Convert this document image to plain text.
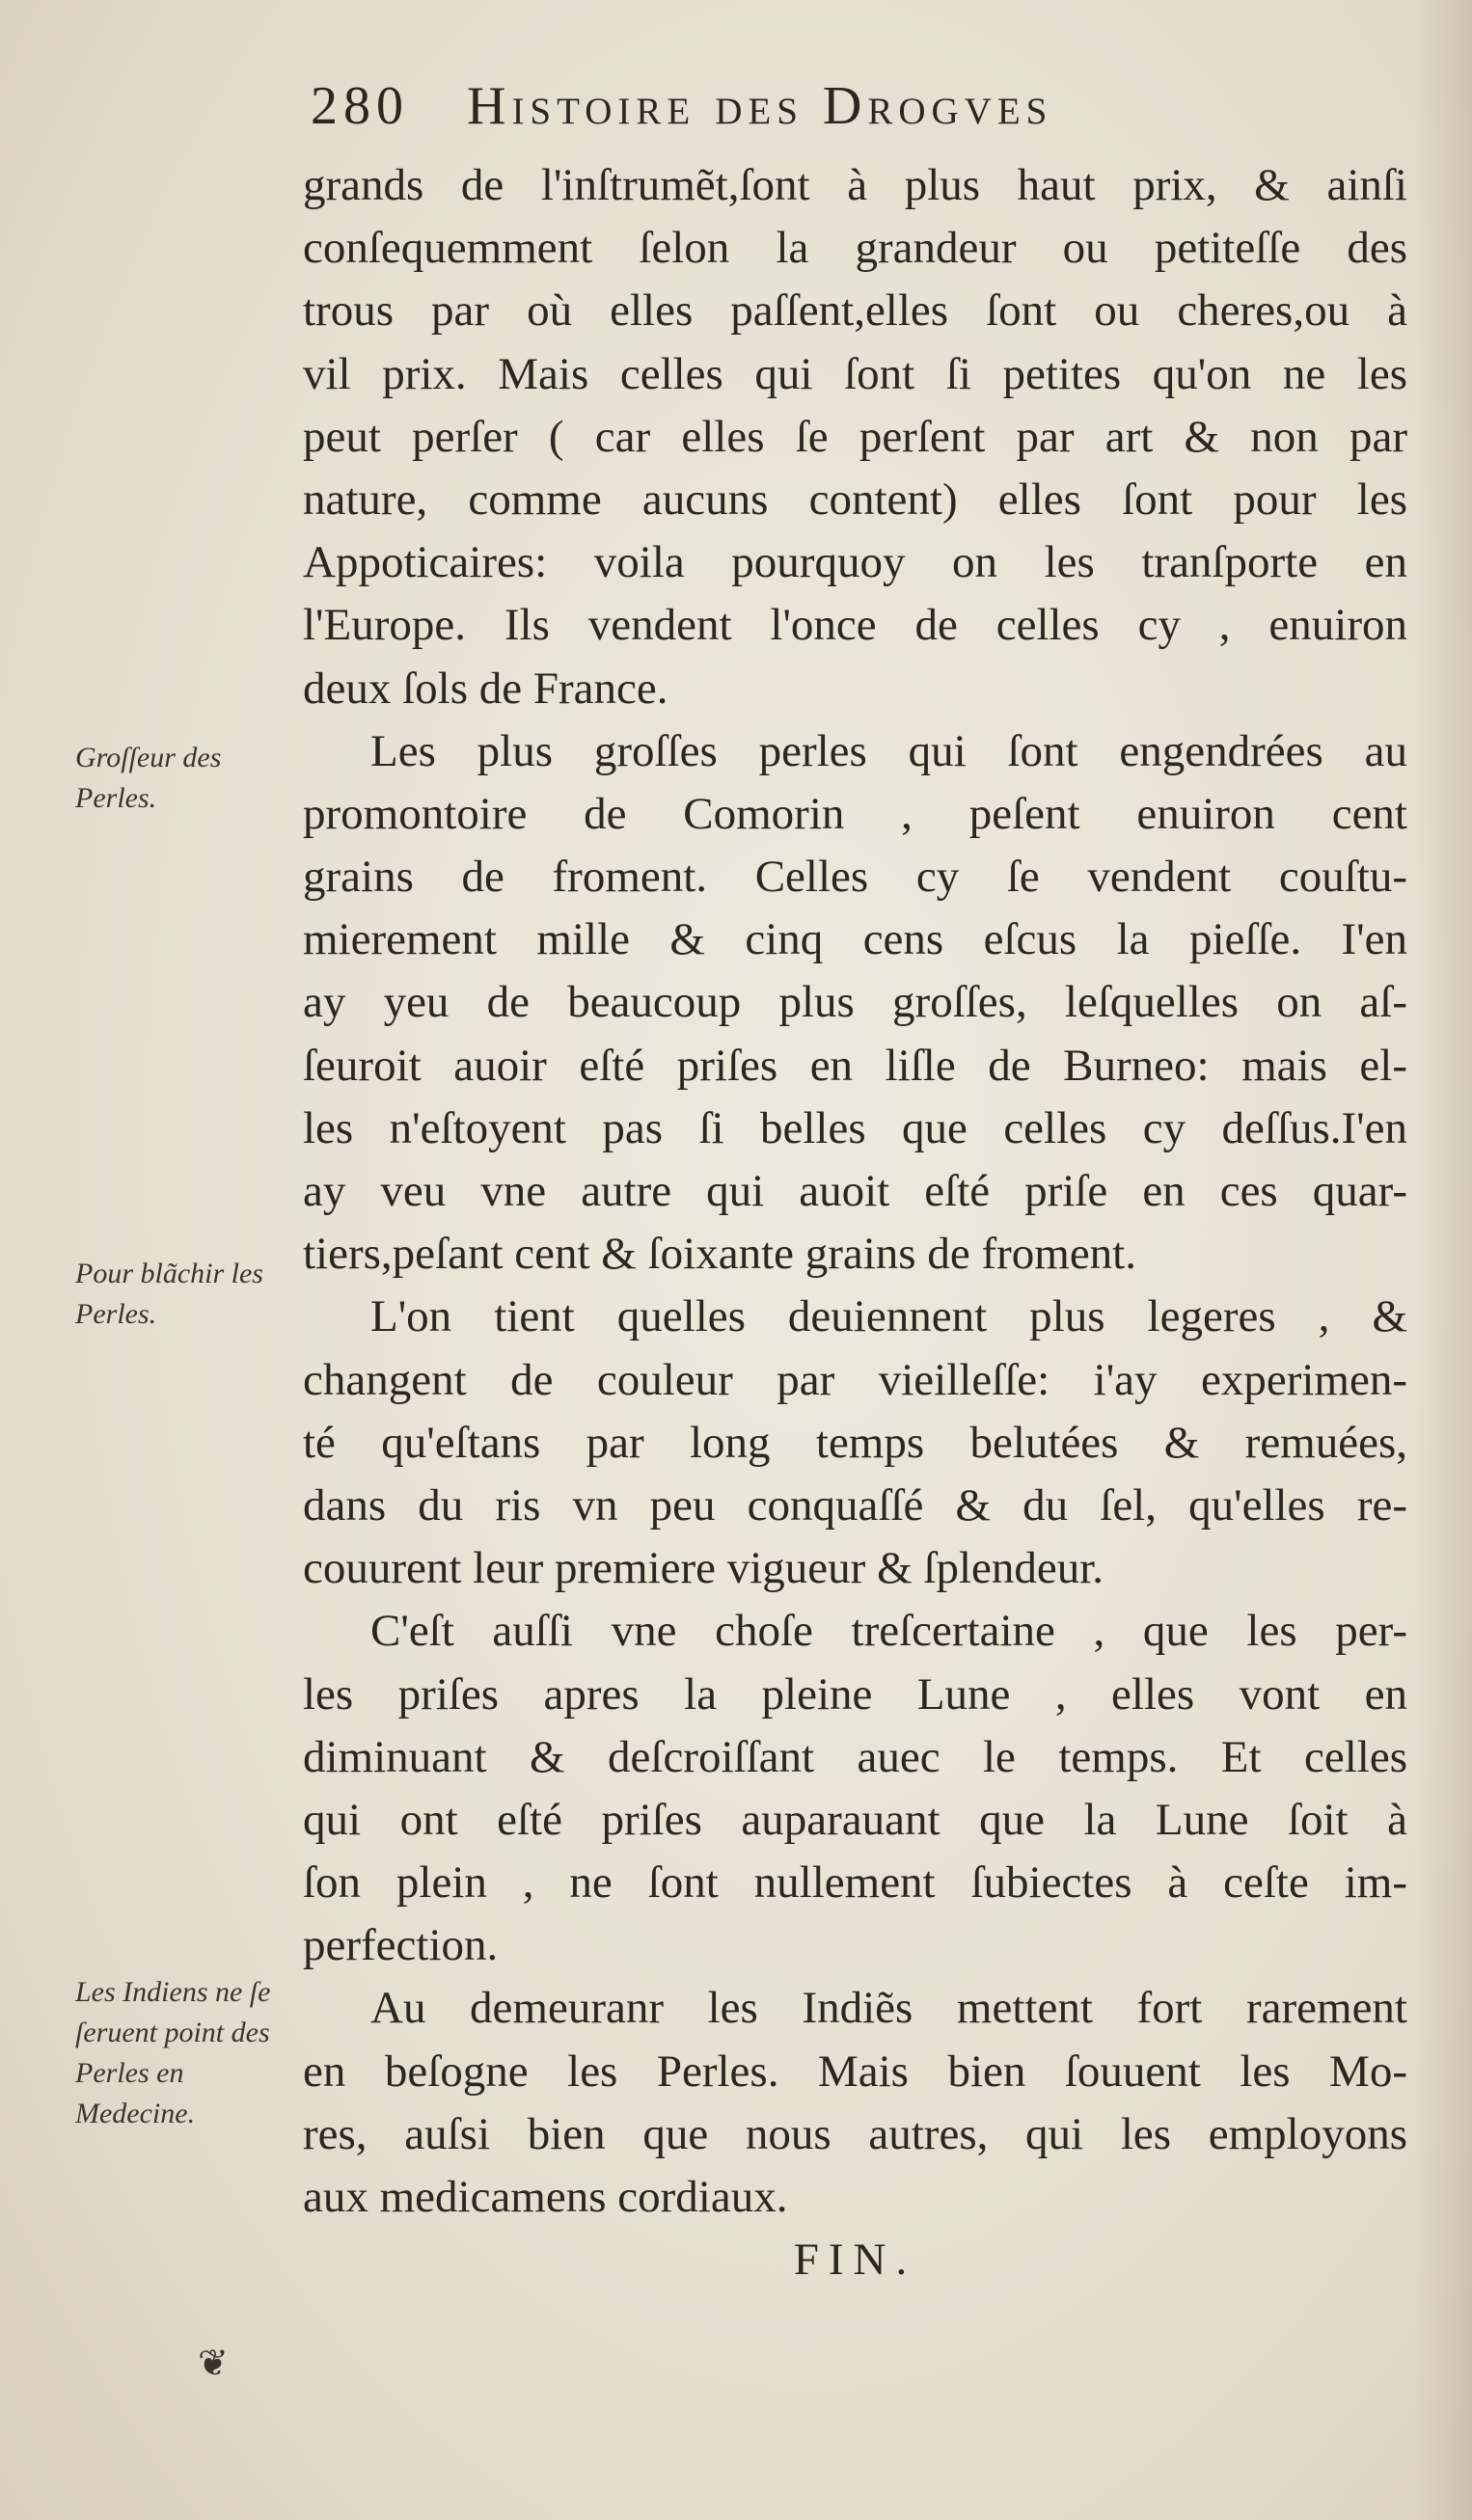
280 Histoire des Drogves
Groſſeur des Perles.
Pour blãchir les Perles.
Les Indiens ne ſe ſeruent point des Perles en Medecine.
grands de l'inſtrumẽt,ſont à plus haut prix, & ainſi
conſequemment ſelon la grandeur ou petiteſſe des
trous par où elles paſſent,elles ſont ou cheres,ou à
vil prix. Mais celles qui ſont ſi petites qu'on ne les
peut perſer ( car elles ſe perſent par art & non par
nature, comme aucuns content) elles ſont pour les
Appoticaires: voila pourquoy on les tranſporte en
l'Europe. Ils vendent l'once de celles cy , enuiron
deux ſols de France.
Les plus groſſes perles qui ſont engendrées au
promontoire de Comorin , peſent enuiron cent
grains de froment. Celles cy ſe vendent couſtu-
mierement mille & cinq cens eſcus la pieſſe. I'en
ay yeu de beaucoup plus groſſes, leſquelles on aſ-
ſeuroit auoir eſté priſes en liſle de Burneo: mais el-
les n'eſtoyent pas ſi belles que celles cy deſſus.I'en
ay veu vne autre qui auoit eſté priſe en ces quar-
tiers,peſant cent & ſoixante grains de froment.
L'on tient quelles deuiennent plus legeres , &
changent de couleur par vieilleſſe: i'ay experimen-
té qu'eſtans par long temps belutées & remuées,
dans du ris vn peu conquaſſé & du ſel, qu'elles re-
couurent leur premiere vigueur & ſplendeur.
C'eſt auſſi vne choſe treſcertaine , que les per-
les priſes apres la pleine Lune , elles vont en
diminuant & deſcroiſſant auec le temps. Et celles
qui ont eſté priſes auparauant que la Lune ſoit à
ſon plein , ne ſont nullement ſubiectes à ceſte im-
perfection.
Au demeuranr les Indiẽs mettent fort rarement
en beſogne les Perles. Mais bien ſouuent les Mo-
res, auſsi bien que nous autres, qui les employons
aux medicamens cordiaux.
FIN.
❦
